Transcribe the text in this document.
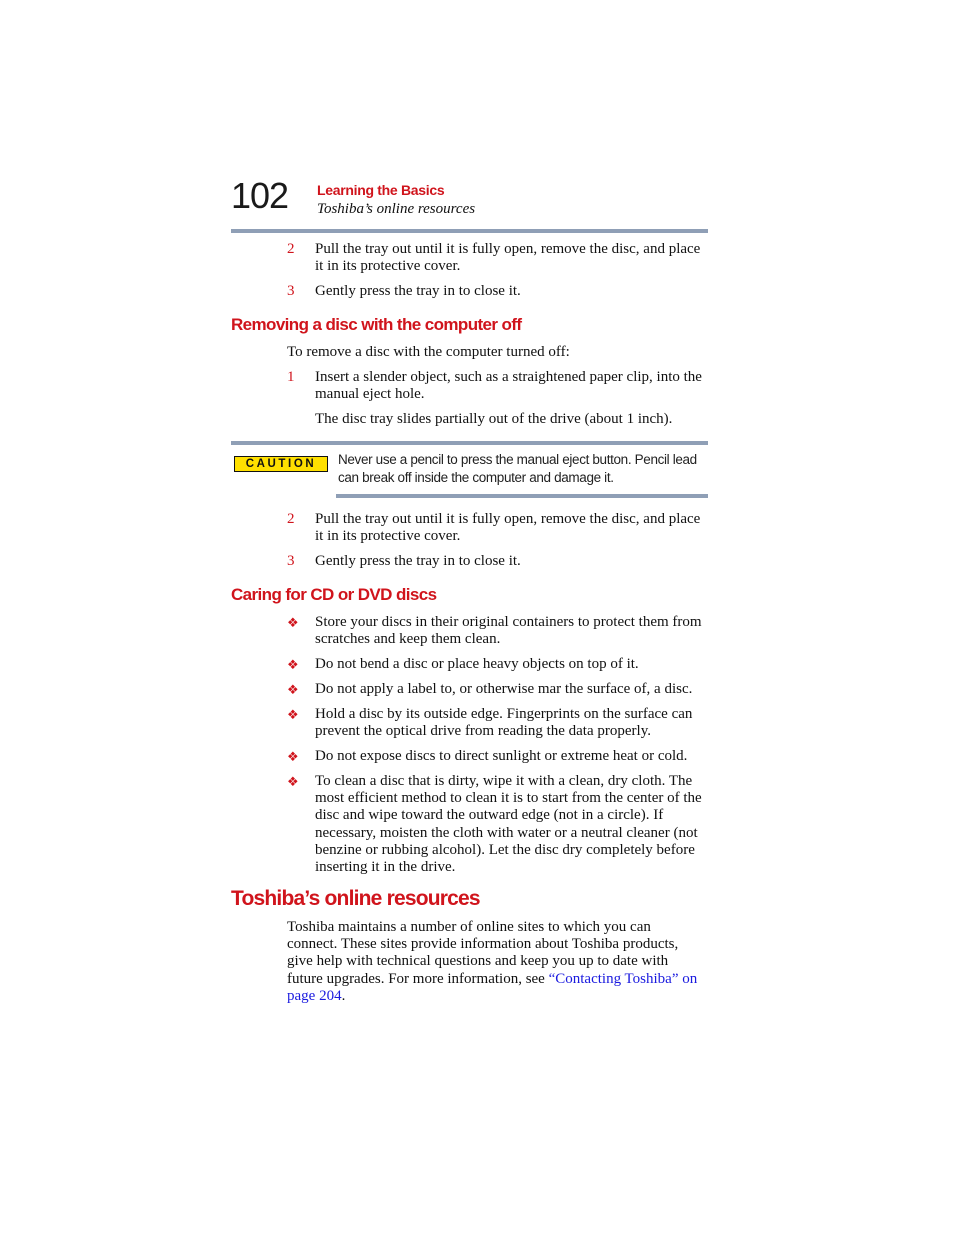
102 Learning the Basics
Toshiba’s online resources
2 Pull the tray out until it is fully open, remove the disc, and place it in its protective cover.
3 Gently press the tray in to close it.
Removing a disc with the computer off
To remove a disc with the computer turned off:
1 Insert a slender object, such as a straightened paper clip, into the manual eject hole.
The disc tray slides partially out of the drive (about 1 inch).
CAUTION	Never use a pencil to press the manual eject button. Pencil lead can break off inside the computer and damage it.
2 Pull the tray out until it is fully open, remove the disc, and place it in its protective cover.
3 Gently press the tray in to close it.
Caring for CD or DVD discs
❖ Store your discs in their original containers to protect them from scratches and keep them clean.
❖ Do not bend a disc or place heavy objects on top of it.
❖ Do not apply a label to, or otherwise mar the surface of, a disc.
❖ Hold a disc by its outside edge. Fingerprints on the surface can prevent the optical drive from reading the data properly.
❖ Do not expose discs to direct sunlight or extreme heat or cold.
❖ To clean a disc that is dirty, wipe it with a clean, dry cloth. The most efficient method to clean it is to start from the center of the disc and wipe toward the outward edge (not in a circle). If necessary, moisten the cloth with water or a neutral cleaner (not benzine or rubbing alcohol). Let the disc dry completely before inserting it in the drive.
Toshiba’s online resources
Toshiba maintains a number of online sites to which you can connect. These sites provide information about Toshiba products, give help with technical questions and keep you up to date with future upgrades. For more information, see “Contacting Toshiba” on page 204.
